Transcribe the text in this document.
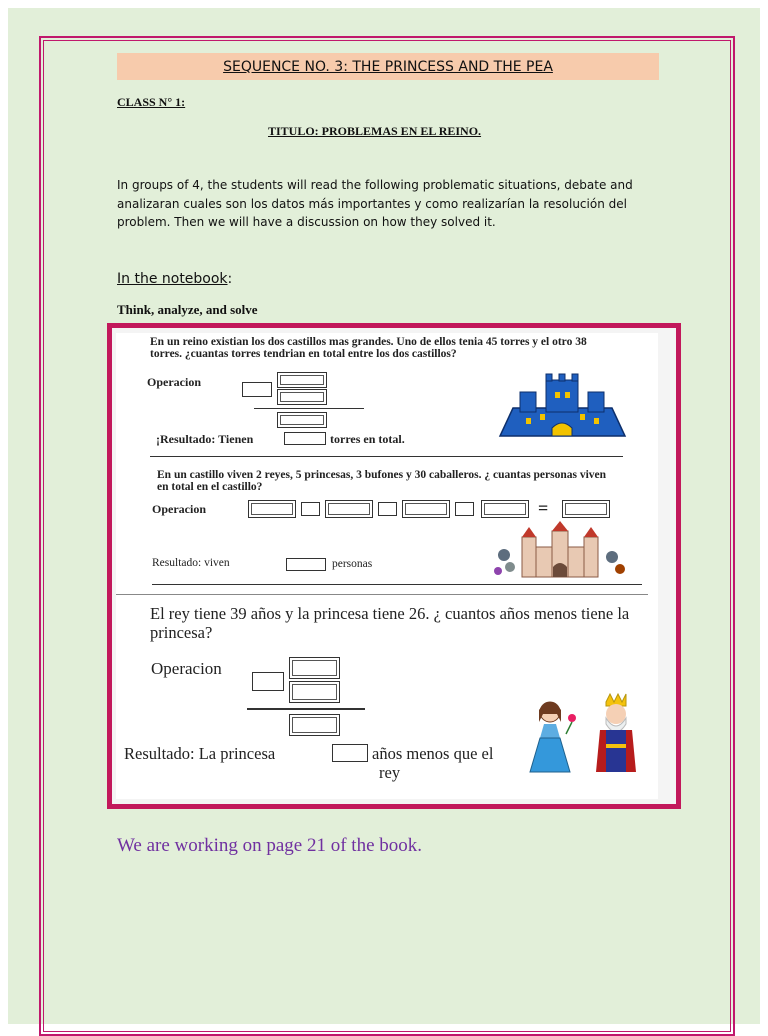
SEQUENCE NO. 3: THE PRINCESS AND THE PEA
CLASS N° 1:
TITULO: PROBLEMAS EN EL REINO.
In groups of 4, the students will read the following problematic situations, debate and analizaran cuales son los datos más importantes y como realizarían la resolución del problem. Then we will have a discussion on how they solved it.
In the notebook:
Think, analyze, and solve
En un reino existian los dos castillos mas grandes. Uno de ellos tenia 45 torres y el otro 38 torres. ¿cuantas torres tendrian en total entre los dos castillos?
Operacion
¡Resultado: Tienen	torres en total.
En un castillo viven 2 reyes, 5 princesas, 3 bufones y 30 caballeros. ¿ cuantas personas viven en total en el castillo?
Operacion	=
Resultado: viven	personas
El rey tiene 39 años y la princesa tiene 26. ¿ cuantos años menos tiene la princesa?
Operacion
Resultado: La princesa	años menos que el
rey
We are working on page 21 of the book.
